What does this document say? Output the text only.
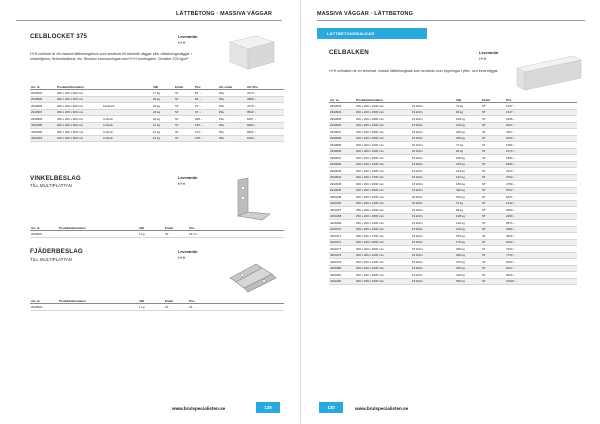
LÄTTBETONG · MASSIVA VÄGGAR
CELBLOCKET 375	Leverantör
H+H
H+H celblock är ett massivt lättbetongblock som används till bärande väggar eller utfackningsväggar i enfamiljshus, flerbostadshus, etc. Blocken sammanfogas med H+H tunnfogslim. Densitet 375 kg/m³
Art. nr.	Produktinformation			Vikt	Enhet	Pris	Alt. enhet	Alt. Pris
2943904	200 x 200 x 600 mm			17 kg	ST	81 :-	PAL	3270 :-
2943905	200 x 200 x 600 mm			20 kg	ST	84 :-	PAL	2889 :-
2943906	300 x 200 x 600 mm	Facklock		30 kg	ST	70 :-	PAL	4170 :-
2943907	300 x 200 x 600 mm			20 kg	ST	97 :-	PAL	3543 :-
2943909	300 x 200 x 600 mm	U-block		26 kg	ST	208 :-	PAL	6267 :-
4404480	200 x 200 x 600 mm	U-block		10 kg	ST	195 :-	PAL	6052 :-
4404482	300 x 200 x 600 mm	U-block		10 kg	ST	272 :-	PAL	5951 :-
4404163	240 x 200 x 600 mm	U-block		10 kg	ST	278 :-	PAL	6164 :-
VINKELBESLAG
TILL MULTIPLATTAN
Leverantör
H+H
Art. nr.	Produktinformation	Vikt	Enhet	Pris
2943901		1 kg	ST	16,71 :-
FJÄDERBESLAG
TILL MULTIPLATTAN
Leverantör
H+H
Art. nr.	Produktinformation	Vikt	Enhet	Pris
2943902		1 kg	ST	31 :-
www.brulspecialisten.se	129
MASSIVA VÄGGAR · LÄTTBETONG
LÄTTBETONGBALKAR
CELBALKEN	Leverantör
H+H
H+H celbalken är en armerad, massiv lättbetongbalk som används över öppningar i ytter- och innerväggar.
Art. nr.	Produktinformation		Vikt	Enhet	Pris
2943933	200 x 200 x 1200 mm	15 kN/m	70 kg	ST	1207 :-
2943934	200 x 200 x 1500 mm	15 kN/m	90 kg	ST	1547 :-
2943935	200 x 200 x 1800 mm	15 kN/m	108 kg	ST	1806 :-
2943936	200 x 200 x 2400 mm	15 kN/m	120 kg	ST	2027 :-
2943937	200 x 200 x 3000 mm	15 kN/m	200 kg	ST	4307 :-
2943938	200 x 200 x 3600 mm	15 kN/m	260 kg	ST	5763 :-
2943939	200 x 200 x 1200 mm	20 kN/m	72 kg	ST	1084 :-
2943940	200 x 200 x 1500 mm	20 kN/m	90 kg	ST	1370 :-
2943941	200 x 200 x 1800 mm	15 kN/m	108 kg	ST	1684 :-
2943942	200 x 200 x 2100 mm	15 kN/m	126 kg	ST	1890 :-
2943943	200 x 200 x 2400 mm	15 kN/m	144 kg	ST	2373 :-
2943944	200 x 200 x 2700 mm	15 kN/m	162 kg	ST	2763 :-
2943945	200 x 200 x 3000 mm	15 kN/m	180 kg	ST	4799 :-
2943946	200 x 200 x 3600 mm	15 kN/m	432 kg	ST	5707 :-
4404448	200 x 400 x 4200 mm	20 kN/m	403 kg	ST	9447 :-
4404456	250 x 200 x 1200 mm	20 kN/m	70 kg	ST	1643 :-
4404467	250 x 200 x 1500 mm	15 kN/m	86 kg	ST	2090 :-
4404468	250 x 200 x 1800 mm	15 kN/m	108 kg	ST	2480 :-
4404469	250 x 200 x 2100 mm	15 kN/m	120 kg	ST	2874 :-
4404470	250 x 200 x 2400 mm	15 kN/m	140 kg	ST	3280 :-
4404471	250 x 200 x 2700 mm	15 kN/m	156 kg	ST	4009 :-
4404472	250 x 200 x 3000 mm	15 kN/m	175 kg	ST	5152 :-
4404477	300 x 200 x 3600 mm	15 kN/m	260 kg	ST	7020 :-
4404478	300 x 200 x 4200 mm	20 kN/m	300 kg	ST	7723 :-
4404479	300 x 400 x 2100 mm	15 kN/m	276 kg	ST	8420 :-
4404480	300 x 400 x 2400 mm	15 kN/m	316 kg	ST	9127 :-
4404481	300 x 400 x 3000 mm	15 kN/m	418 kg	ST	9520 :-
4404482	300 x 400 x 4200 mm	15 kN/m	526 kg	ST	10624 :-
130	www.brulspecialisten.se
